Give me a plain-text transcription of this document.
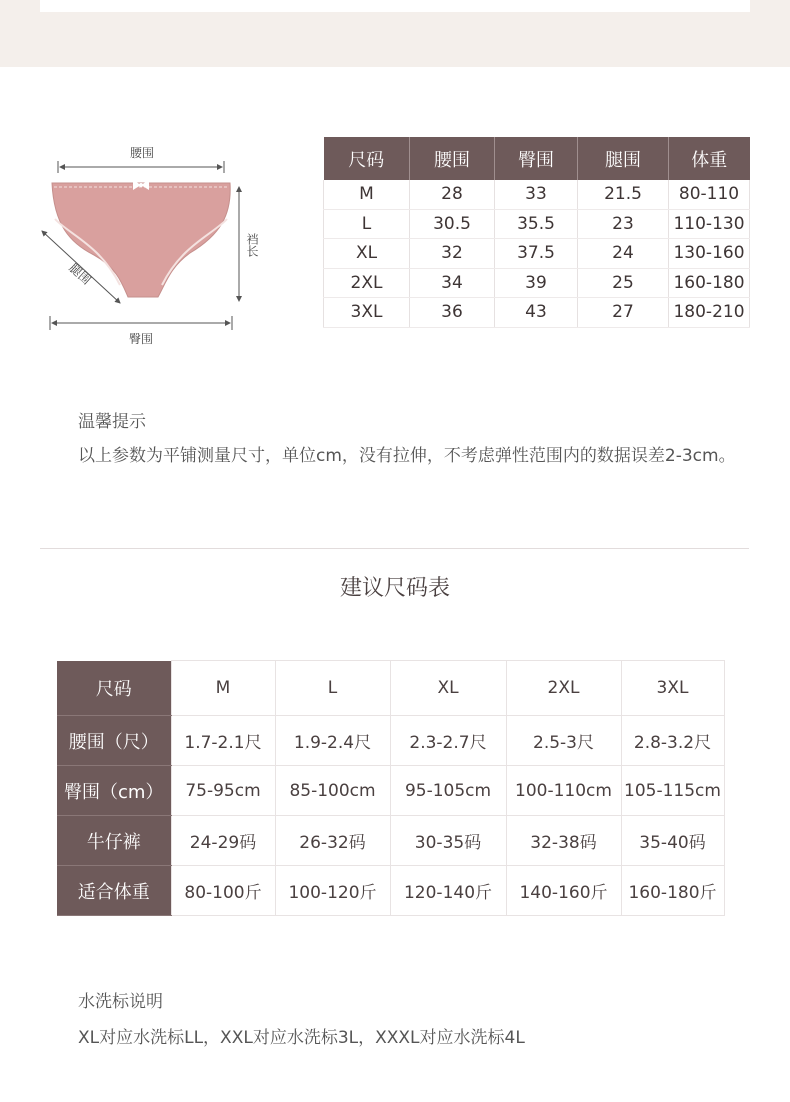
腰围
裆长
腿围
臀围
尺码	腰围	臀围	腿围	体重
M	28	33	21.5	80-110
L	30.5	35.5	23	110-130
XL	32	37.5	24	130-160
2XL	34	39	25	160-180
3XL	36	43	27	180-210

温馨提示

以上参数为平铺测量尺寸，单位cm，没有拉伸，不考虑弹性范围内的数据误差2-3cm。

建议尺码表
尺码	M	L	XL	2XL	3XL
腰围（尺）	1.7-2.1尺	1.9-2.4尺	2.3-2.7尺	2.5-3尺	2.8-3.2尺
臀围（cm）	75-95cm	85-100cm	95-105cm	100-110cm	105-115cm
牛仔裤	24-29码	26-32码	30-35码	32-38码	35-40码
适合体重	80-100斤	100-120斤	120-140斤	140-160斤	160-180斤

水洗标说明

XL对应水洗标LL，XXL对应水洗标3L，XXXL对应水洗标4L
